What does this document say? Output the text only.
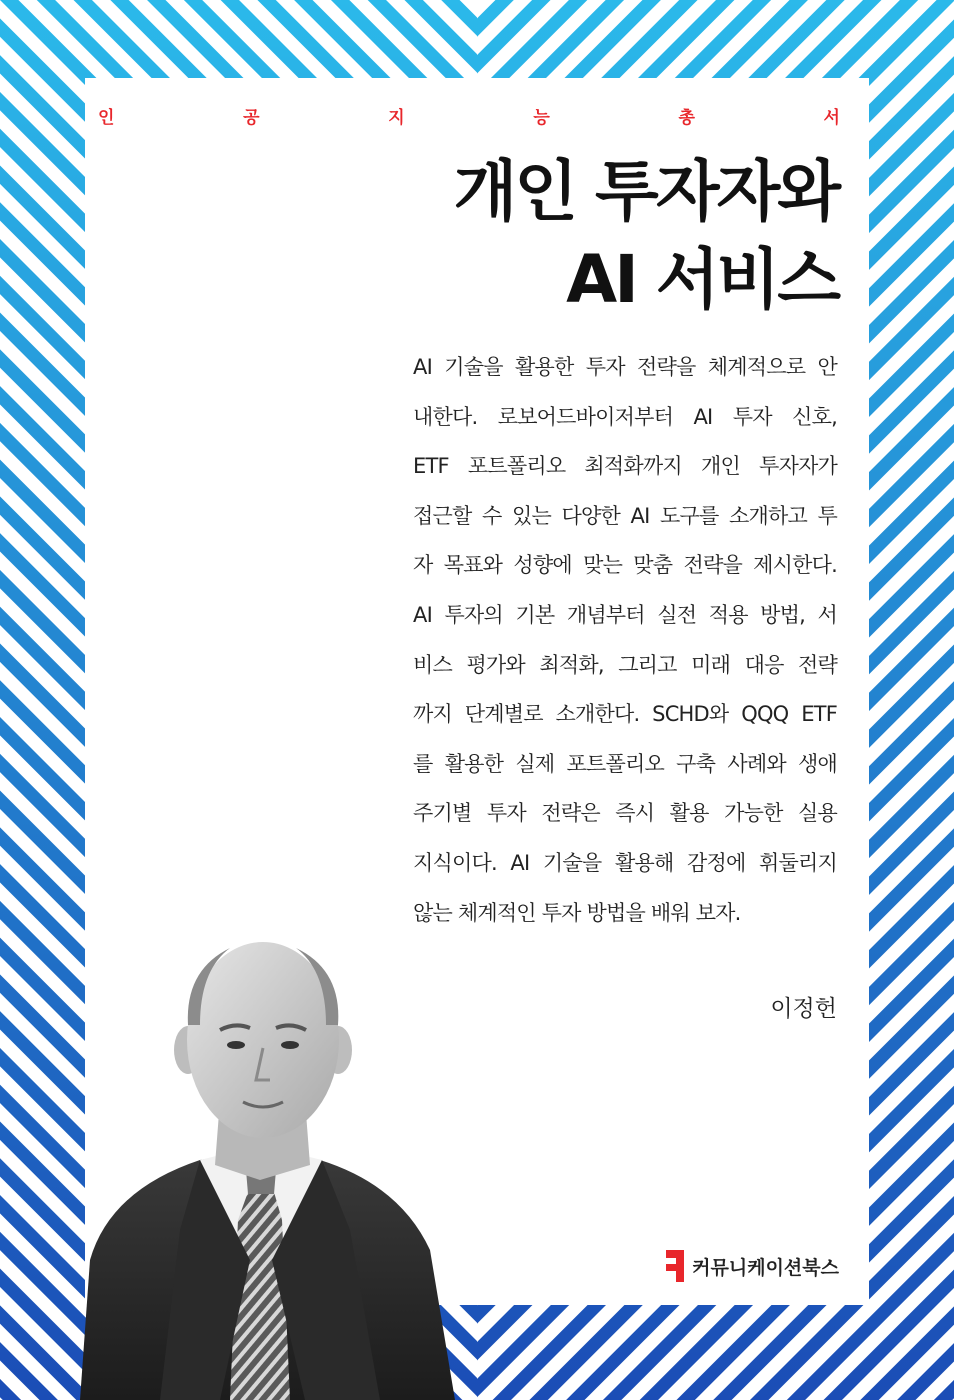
인	공	지	능	총	서
개인 투자자와
AI 서비스
AI 기술을 활용한 투자 전략을 체계적으로 안
내한다. 로보어드바이저부터 AI 투자 신호,
ETF 포트폴리오 최적화까지 개인 투자자가
접근할 수 있는 다양한 AI 도구를 소개하고 투
자 목표와 성향에 맞는 맞춤 전략을 제시한다.
AI 투자의 기본 개념부터 실전 적용 방법, 서
비스 평가와 최적화, 그리고 미래 대응 전략
까지 단계별로 소개한다. SCHD와 QQQ ETF
를 활용한 실제 포트폴리오 구축 사례와 생애
주기별 투자 전략은 즉시 활용 가능한 실용
지식이다. AI 기술을 활용해 감정에 휘둘리지
않는 체계적인 투자 방법을 배워 보자.
이정헌
커뮤니케이션북스
